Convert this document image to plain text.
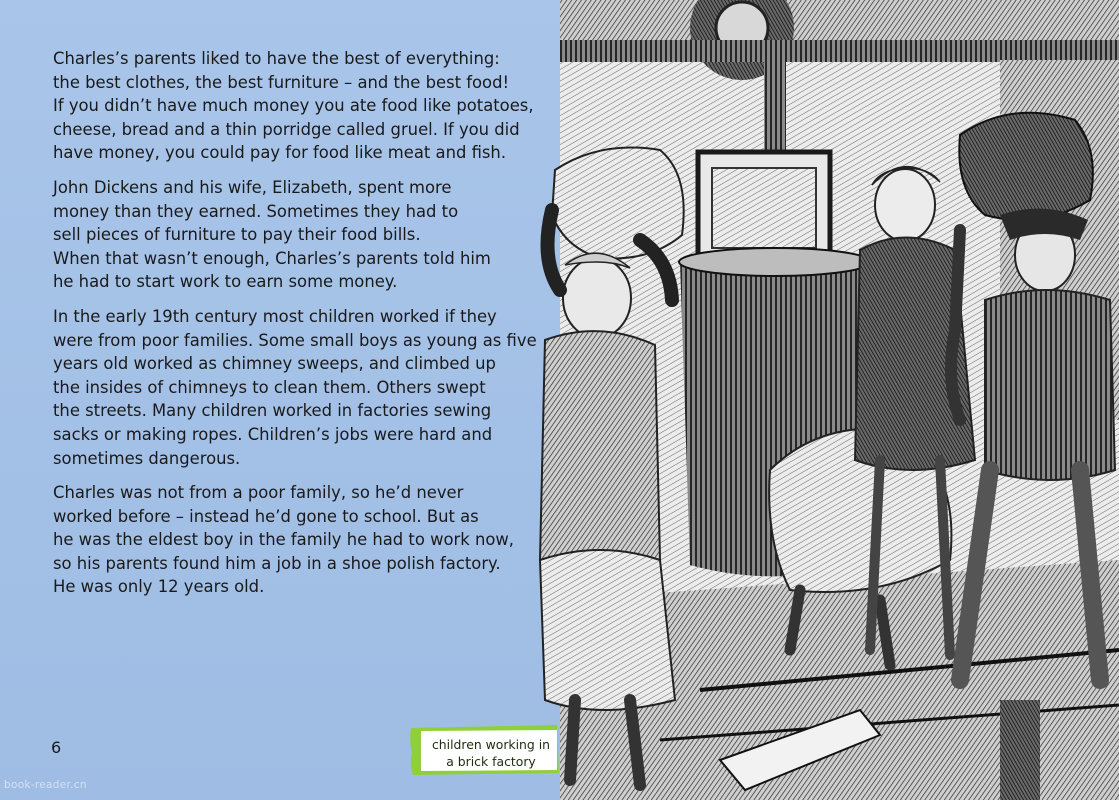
Charles’s parents liked to have the best of everything:
the best clothes, the best furniture – and the best food!
If you didn’t have much money you ate food like potatoes,
cheese, bread and a thin porridge called gruel. If you did
have money, you could pay for food like meat and fish.

John Dickens and his wife, Elizabeth, spent more
money than they earned. Sometimes they had to
sell pieces of furniture to pay their food bills.
When that wasn’t enough, Charles’s parents told him
he had to start work to earn some money.

In the early 19th century most children worked if they
were from poor families. Some small boys as young as five
years old worked as chimney sweeps, and climbed up
the insides of chimneys to clean them. Others swept
the streets. Many children worked in factories sewing
sacks or making ropes. Children’s jobs were hard and
sometimes dangerous.

Charles was not from a poor family, so he’d never
worked before – instead he’d gone to school. But as
he was the eldest boy in the family he had to work now,
so his parents found him a job in a shoe polish factory.
He was only 12 years old.

6	children working in
a brick factory
book-reader.cn
